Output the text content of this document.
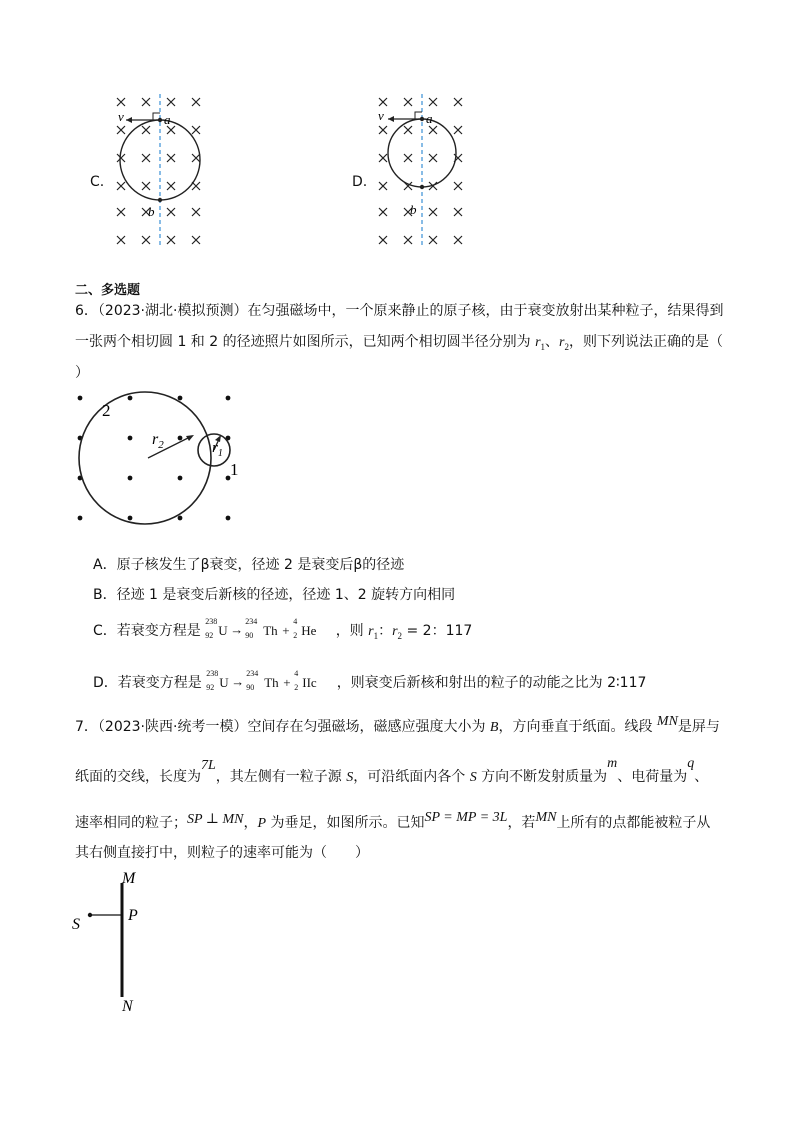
C.
v	a
b
D.
v	a
b
二、多选题
6．（2023·湖北·模拟预测）在匀强磁场中，一个原来静止的原子核，由于衰变放射出某种粒子，结果得到
一张两个相切圆 1 和 2 的径迹照片如图所示，已知两个相切圆半径分别为 $r_1$、$r_2$，则下列说法正确的是（
）
2
1
$r_2$	$r_1$
A．原子核发生了β衰变，径迹 2 是衰变后β的径迹
B．径迹 1 是衰变后新核的径迹，径迹 1、2 旋转方向相同
C．若衰变方程是
238
92 U →
234
90 Th +
4
2 He ，则 $r_1$：$r_2 = 2$：117
D．若衰变方程是
238
92 U →
234
90 Th +
4
2 IIc ，则衰变后新核和射出的粒子的动能之比为 2∶117
7．（2023·陕西·统考一模）空间存在匀强磁场，磁感应强度大小为 B，方向垂直于纸面。线段 MN是屏与
纸面的交线，长度为7L，其左侧有一粒子源 S，可沿纸面内各个 S 方向不断发射质量为m、电荷量为q、
速率相同的粒子；SP ⊥ MN，P 为垂足，如图所示。已知SP = MP = 3L，若MN上所有的点都能被粒子从
其右侧直接打中，则粒子的速率可能为（　　）
M
S
P
N
